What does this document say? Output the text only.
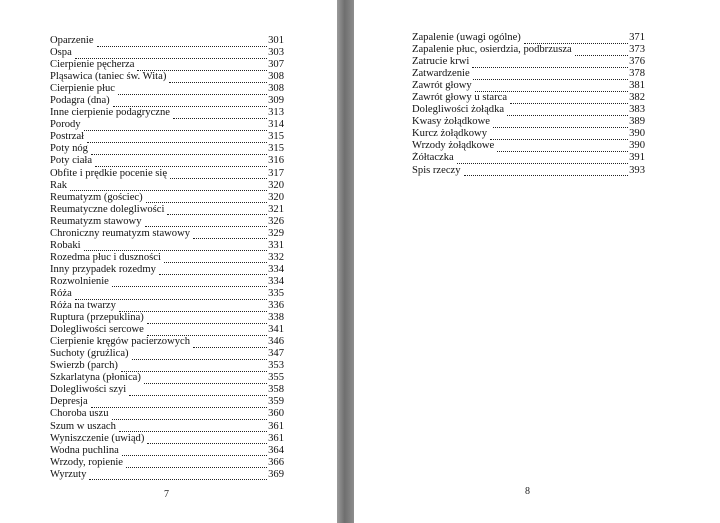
Oparzenie	301
Ospa	303
Cierpienie pęcherza	307
Pląsawica (taniec św. Wita)	308
Cierpienie płuc	308
Podagra (dna)	309
Inne cierpienie podagryczne	313
Porody	314
Postrzał	315
Poty nóg	315
Poty ciała	316
Obfite i prędkie pocenie się	317
Rak	320
Reumatyzm (gościec)	320
Reumatyczne dolegliwości	321
Reumatyzm stawowy	326
Chroniczny reumatyzm stawowy	329
Robaki	331
Rozedma płuc i duszności	332
Inny przypadek rozedmy	334
Rozwolnienie	334
Róża	335
Róża na twarzy	336
Ruptura (przepuklina)	338
Dolegliwości sercowe	341
Cierpienie kręgów pacierzowych	346
Suchoty (gruźlica)	347
Świerzb (parch)	353
Szkarlatyna (płonica)	355
Dolegliwości szyi	358
Depresja	359
Choroba uszu	360
Szum w uszach	361
Wyniszczenie (uwiąd)	361
Wodna puchlina	364
Wrzody, ropienie	366
Wyrzuty	369
Zapalenie (uwagi ogólne)	371
Zapalenie płuc, osierdzia, podbrzusza	373
Zatrucie krwi	376
Zatwardzenie	378
Zawrót głowy	381
Zawrót głowy u starca	382
Dolegliwości żołądka	383
Kwasy żołądkowe	389
Kurcz żołądkowy	390
Wrzody żołądkowe	390
Żółtaczka	391
Spis rzeczy	393
7	8
